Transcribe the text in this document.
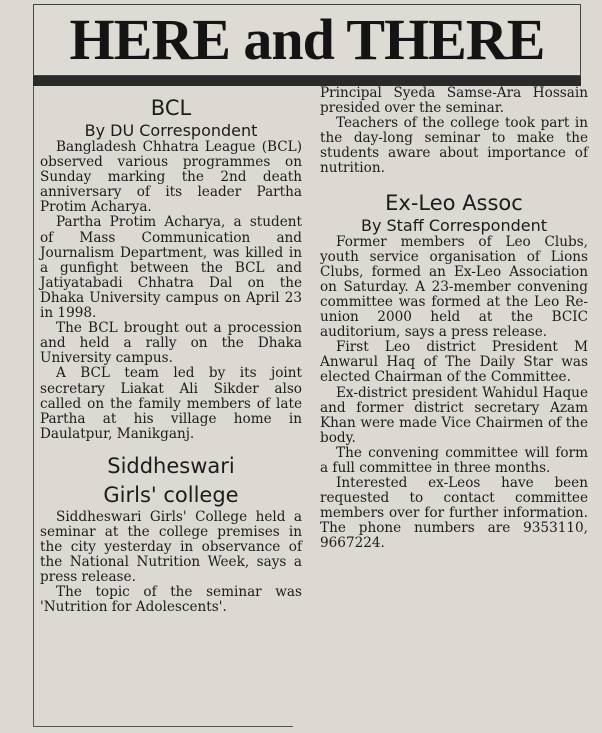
HERE and THERE
BCL
By DU Correspondent

Bangladesh Chhatra League (BCL) observed various programmes on Sunday marking the 2nd death anniversary of its leader Partha Protim Acharya.

Partha Protim Acharya, a student of Mass Communication and Journalism Department, was killed in a gunfight between the BCL and Jatiyatabadi Chhatra Dal on the Dhaka University campus on April 23 in 1998.

The BCL brought out a procession and held a rally on the Dhaka University campus.

A BCL team led by its joint secretary Liakat Ali Sikder also called on the family members of late Partha at his village home in Daulatpur, Manikganj.

Siddheswari
Girls' college

Siddheswari Girls' College held a seminar at the college premises in the city yesterday in observance of the National Nutrition Week, says a press release.

The topic of the seminar was 'Nutrition for Adolescents'.

Principal Syeda Samse-Ara Hossain presided over the seminar.

Teachers of the college took part in the day-long seminar to make the students aware about importance of nutrition.

Ex-Leo Assoc
By Staff Correspondent

Former members of Leo Clubs, youth service organisation of Lions Clubs, formed an Ex-Leo Association on Saturday. A 23-member convening committee was formed at the Leo Re-union 2000 held at the BCIC auditorium, says a press release.

First Leo district President M Anwarul Haq of The Daily Star was elected Chairman of the Committee.

Ex-district president Wahidul Haque and former district secretary Azam Khan were made Vice Chairmen of the body.

The convening committee will form a full committee in three months.

Interested ex-Leos have been requested to contact committee members over for further information. The phone numbers are 9353110, 9667224.
